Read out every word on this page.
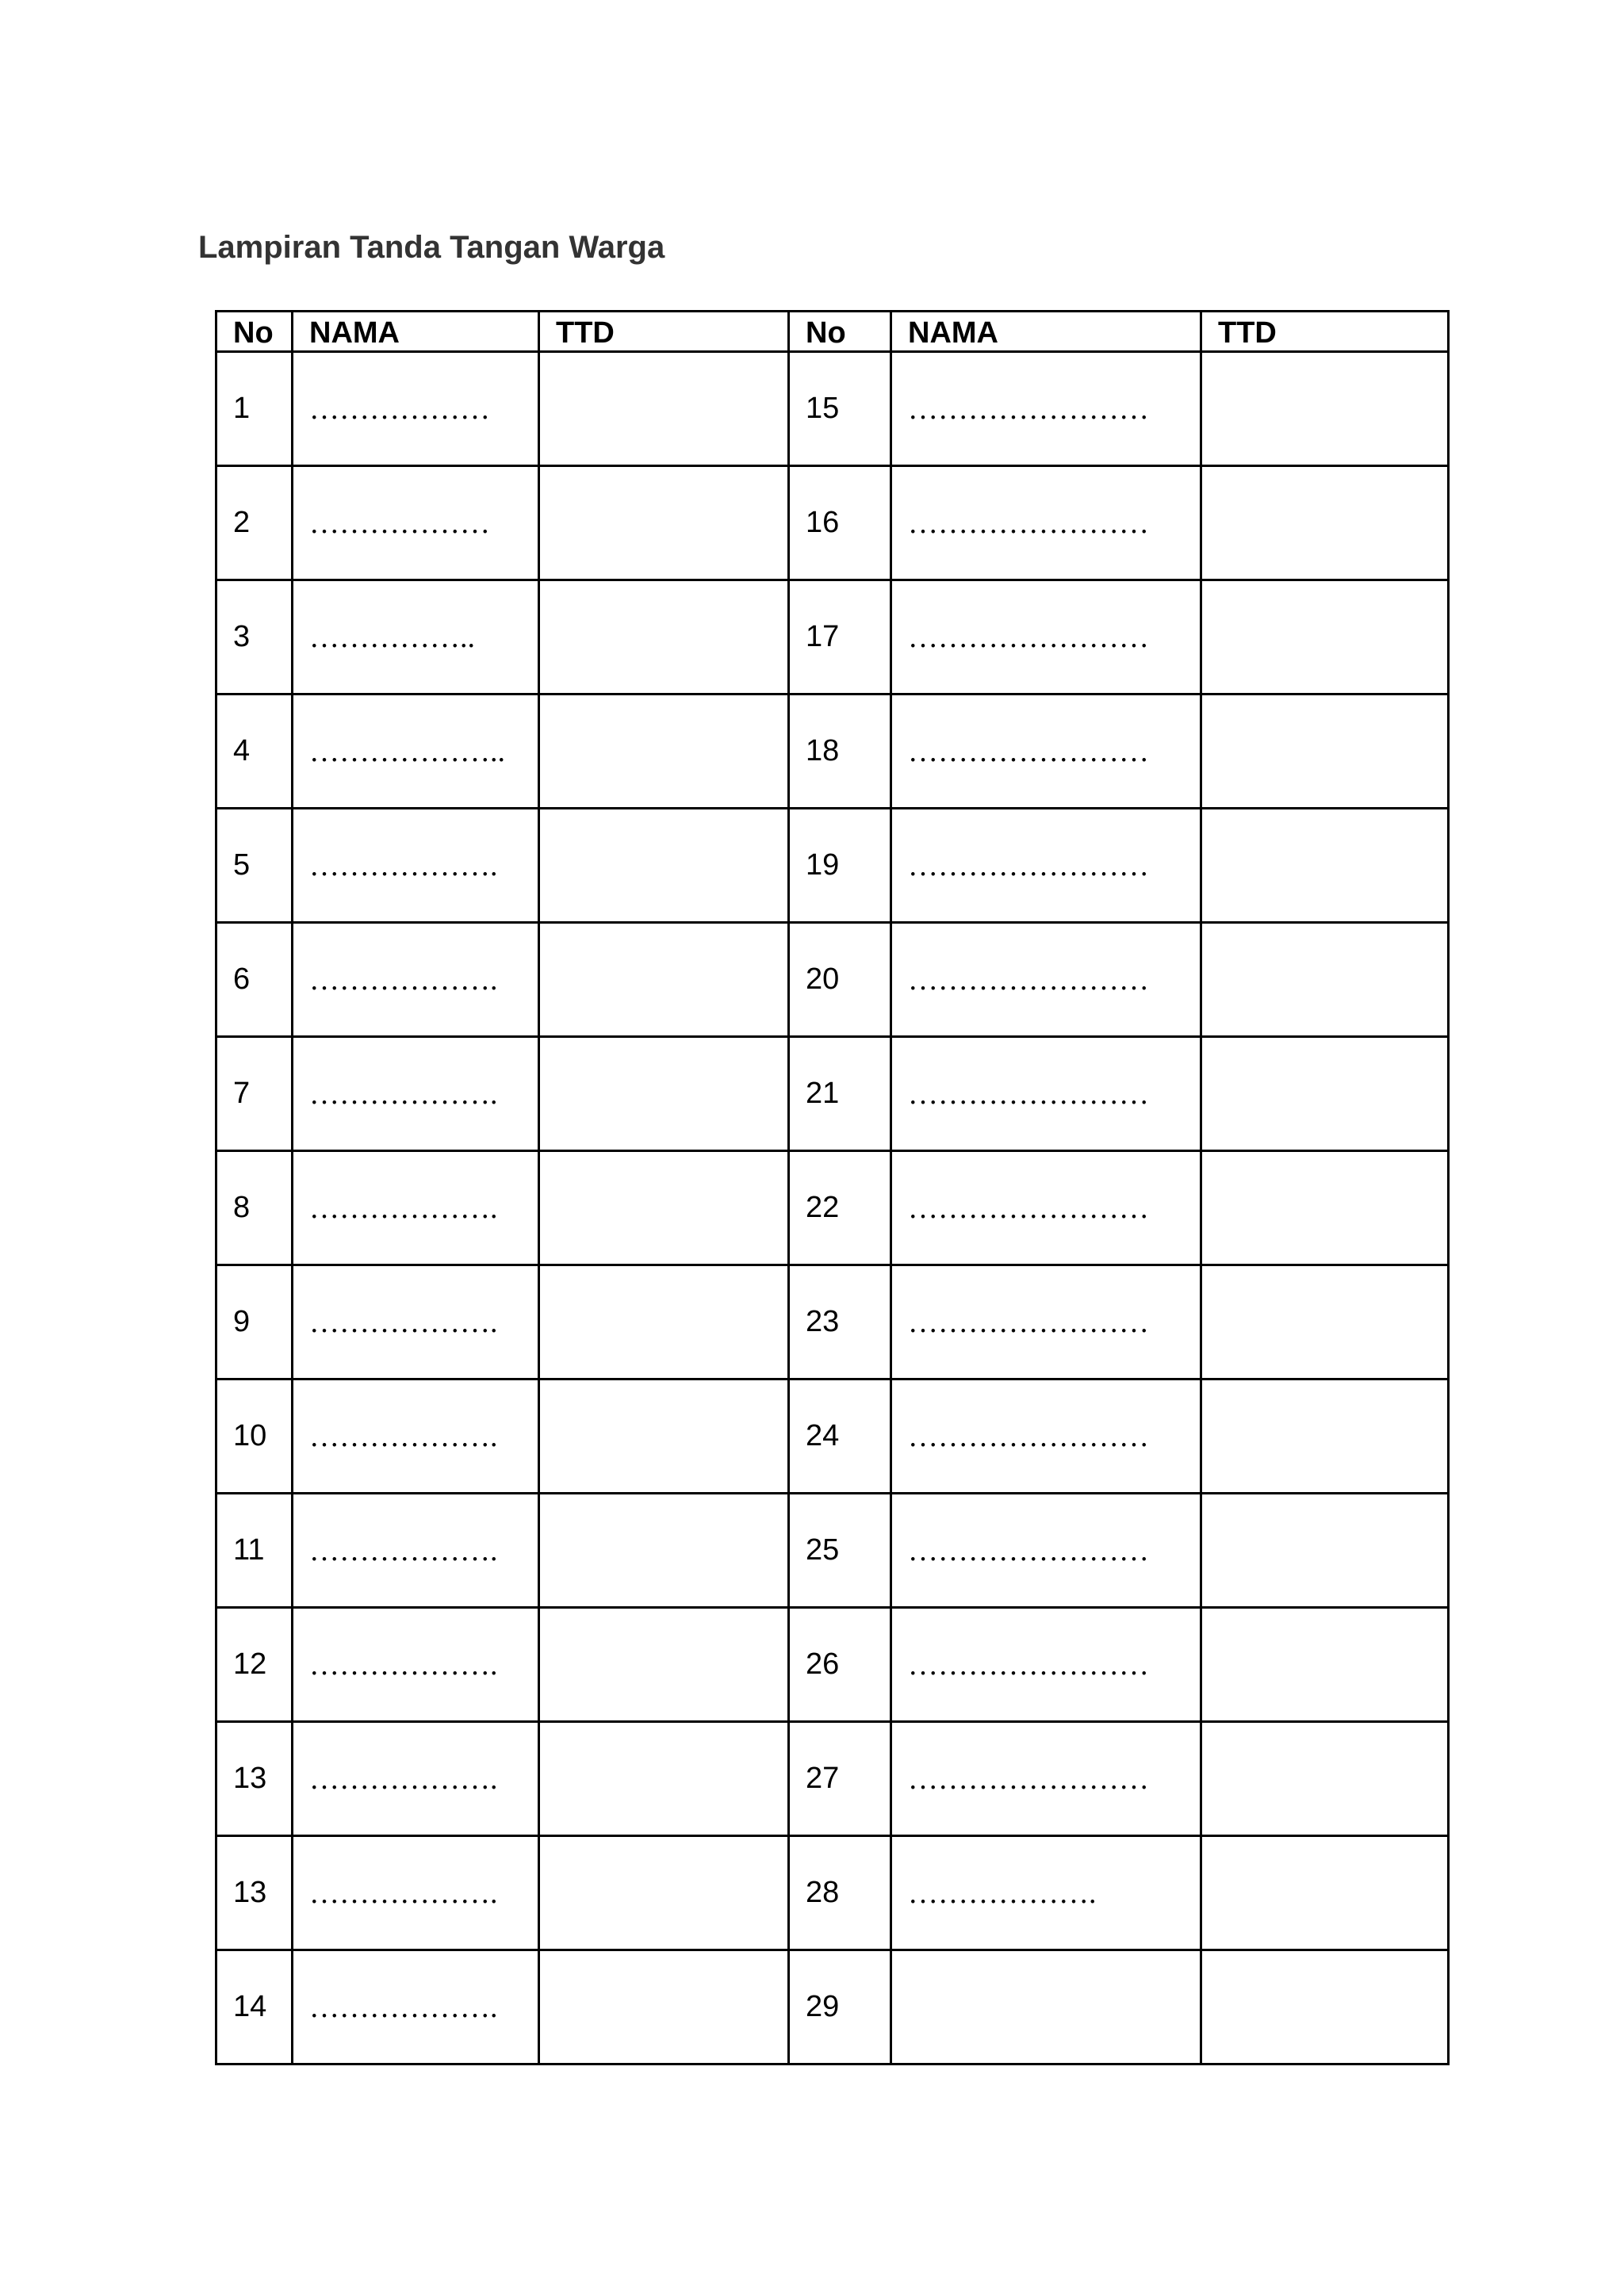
Lampiran Tanda Tangan Warga
No	NAMA	TTD	No	NAMA	TTD
1	………………		15	……………………	
2	………………		16	……………………	
3	……………..		17	……………………	
4	………………..		18	……………………	
5	……………….		19	……………………	
6	……………….		20	……………………	
7	……………….		21	……………………	
8	……………….		22	……………………	
9	……………….		23	……………………	
10	……………….		24	……………………	
11	……………….		25	……………………	
12	……………….		26	……………………	
13	……………….		27	……………………	
13	……………….		28	……………….	
14	……………….		29		
